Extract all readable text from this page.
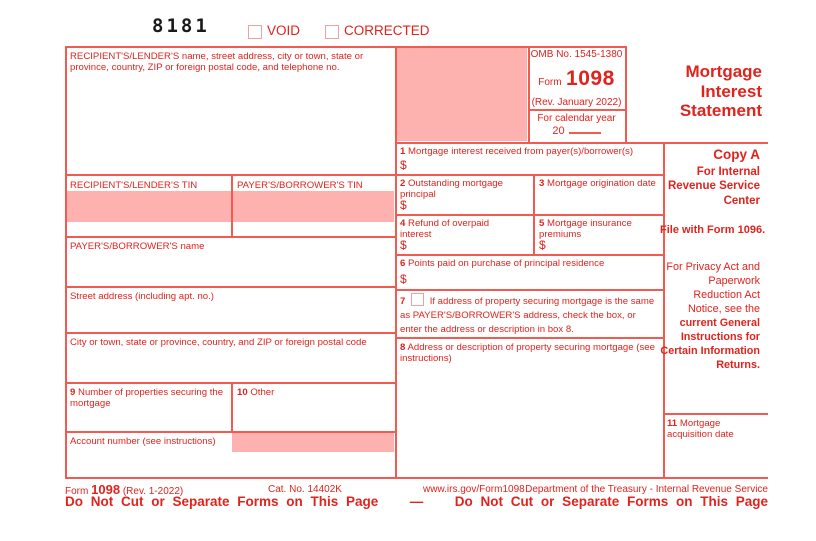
8181	VOID	CORRECTED
OMB No. 1545-1380
Form 1098
(Rev. January 2022)
For calendar year
20
Mortgage Interest Statement
RECIPIENT'S/LENDER'S name, street address, city or town, state or province, country, ZIP or foreign postal code, and telephone no.
RECIPIENT'S/LENDER'S TIN	PAYER'S/BORROWER'S TIN
PAYER'S/BORROWER'S name
Street address (including apt. no.)
City or town, state or province, country, and ZIP or foreign postal code
9 Number of properties securing the mortgage
10 Other
Account number (see instructions)
1 Mortgage interest received from payer(s)/borrower(s)
$
2 Outstanding mortgage principal
$
3 Mortgage origination date
4 Refund of overpaid interest
$
5 Mortgage insurance premiums
$
6 Points paid on purchase of principal residence
$
7	If address of property securing mortgage is the same as PAYER'S/BORROWER'S address, check the box, or enter the address or description in box 8.
8 Address or description of property securing mortgage (see instructions)
Copy A
For Internal Revenue Service Center
File with Form 1096.
For Privacy Act and Paperwork Reduction Act Notice, see the current General Instructions for Certain Information Returns.
11 Mortgage acquisition date
Form 1098 (Rev. 1-2022)	Cat. No. 14402K	www.irs.gov/Form1098 Department of the Treasury - Internal Revenue Service
Do Not Cut or Separate Forms on This Page — Do Not Cut or Separate Forms on This Page
